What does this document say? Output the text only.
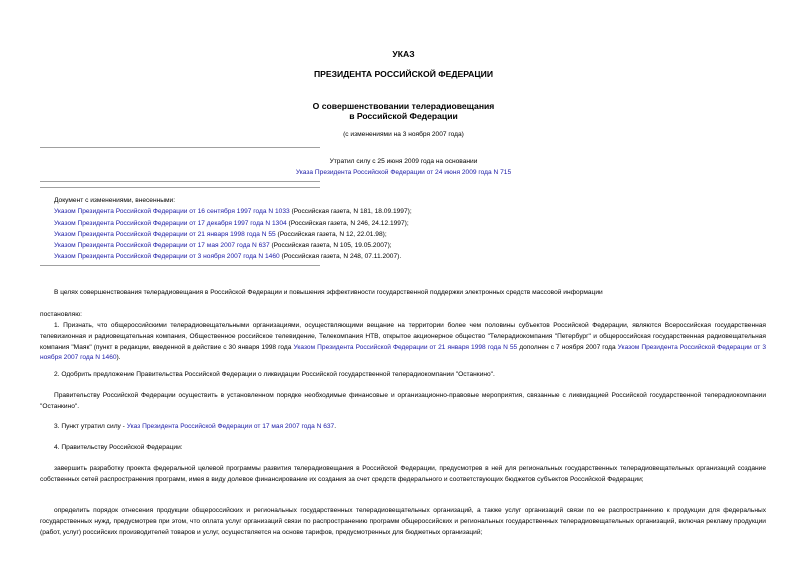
УКАЗ
ПРЕЗИДЕНТА РОССИЙСКОЙ ФЕДЕРАЦИИ
О совершенствовании телерадиовещания
в Российской Федерации
(с изменениями на 3 ноября 2007 года)
Утратил силу с 25 июня 2009 года на основании
Указа Президента Российской Федерации от 24 июня 2009 года N 715
Документ с изменениями, внесенными:
Указом Президента Российской Федерации от 16 сентября 1997 года N 1033 (Российская газета, N 181, 18.09.1997);
Указом Президента Российской Федерации от 17 декабря 1997 года N 1304 (Российская газета, N 246, 24.12.1997);
Указом Президента Российской Федерации от 21 января 1998 года N 55 (Российская газета, N 12, 22.01.98);
Указом Президента Российской Федерации от 17 мая 2007 года N 637 (Российская газета, N 105, 19.05.2007);
Указом Президента Российской Федерации от 3 ноября 2007 года N 1460 (Российская газета, N 248, 07.11.2007).
В целях совершенствования телерадиовещания в Российской Федерации и повышения эффективности государственной поддержки электронных средств массовой информации
постановляю:
1. Признать, что общероссийскими телерадиовещательными организациями, осуществляющими вещание на территории более чем половины субъектов Российской Федерации, являются Всероссийская государственная телевизионная и радиовещательная компания, Общественное российское телевидение, Телекомпания НТВ, открытое акционерное общество "Телерадиокомпания "Петербург" и общероссийская государственная радиовещательная компания "Маяк" (пункт в редакции, введенной в действие с 30 января 1998 года Указом Президента Российской Федерации от 21 января 1998 года N 55 дополнен с 7 ноября 2007 года Указом Президента Российской Федерации от 3 ноября 2007 года N 1460).
2. Одобрить предложение Правительства Российской Федерации о ликвидации Российской государственной телерадиокомпании "Останкино".
Правительству Российской Федерации осуществить в установленном порядке необходимые финансовые и организационно-правовые мероприятия, связанные с ликвидацией Российской государственной телерадиокомпании "Останкино".
3. Пункт утратил силу - Указ Президента Российской Федерации от 17 мая 2007 года N 637.
4. Правительству Российской Федерации:
завершить разработку проекта федеральной целевой программы развития телерадиовещания в Российской Федерации, предусмотрев в ней для региональных государственных телерадиовещательных организаций создание собственных сетей распространения программ, имея в виду долевое финансирование их создания за счет средств федерального и соответствующих бюджетов субъектов Российской Федерации;
определить порядок отнесения продукции общероссийских и региональных государственных телерадиовещательных организаций, а также услуг организаций связи по ее распространению к продукции для федеральных государственных нужд, предусмотрев при этом, что оплата услуг организаций связи по распространению программ общероссийских и региональных государственных телерадиовещательных организаций, включая рекламу продукции (работ, услуг) российских производителей товаров и услуг, осуществляется на основе тарифов, предусмотренных для бюджетных организаций;
